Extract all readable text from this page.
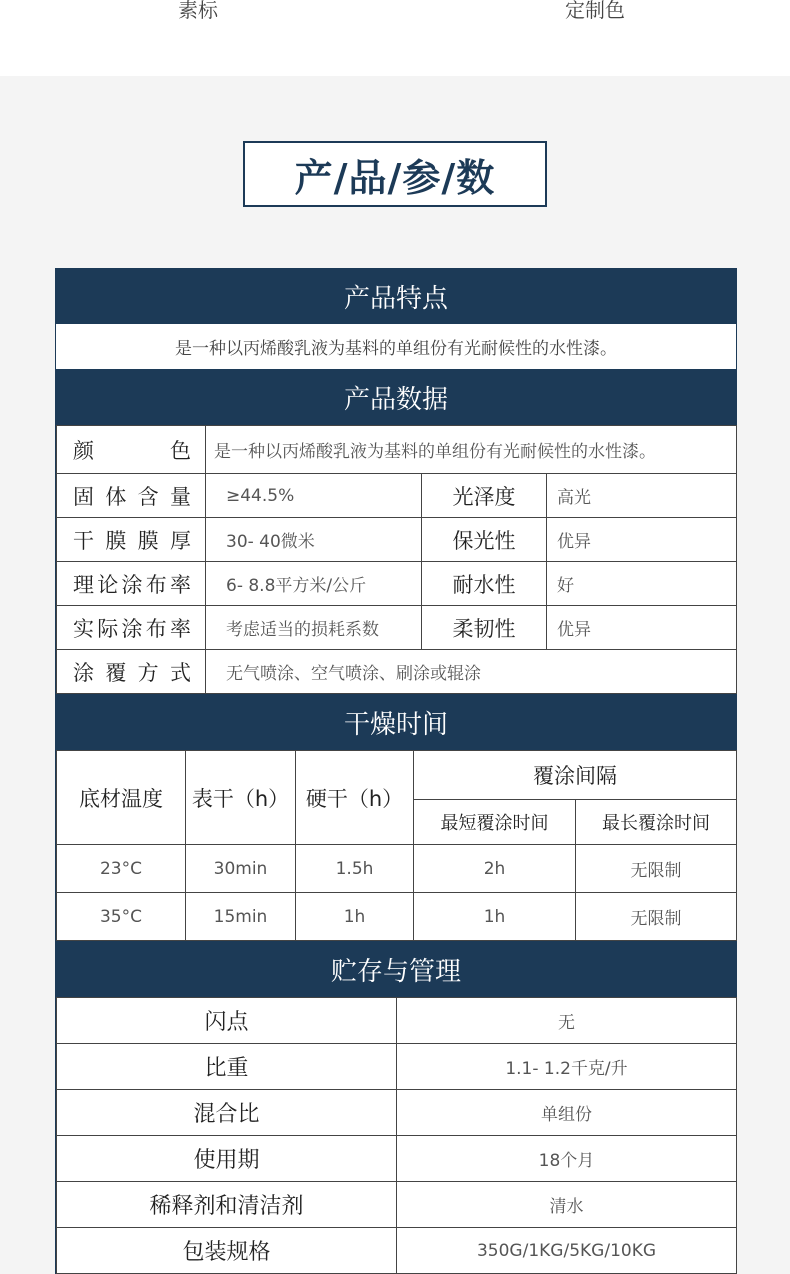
素标	定制色
产/品/参/数
产品特点
是一种以丙烯酸乳液为基料的单组份有光耐候性的水性漆。
产品数据
颜　　色	是一种以丙烯酸乳液为基料的单组份有光耐候性的水性漆。		
固体含量	≥44.5%	光泽度	高光
干膜膜厚	30- 40微米	保光性	优异
理论涂布率	6- 8.8平方米/公斤	耐水性	好
实际涂布率	考虑适当的损耗系数	柔韧性	优异
涂覆方式	无气喷涂、空气喷涂、刷涂或辊涂		
干燥时间
底材温度	表干（h）	硬干（h）	覆涂间隔	
			最短覆涂时间	最长覆涂时间
23°C	30min	1.5h	2h	无限制
35°C	15min	1h	1h	无限制
贮存与管理
闪点	无
比重	1.1- 1.2千克/升
混合比	单组份
使用期	18个月
稀释剂和清洁剂	清水
包装规格	350G/1KG/5KG/10KG
